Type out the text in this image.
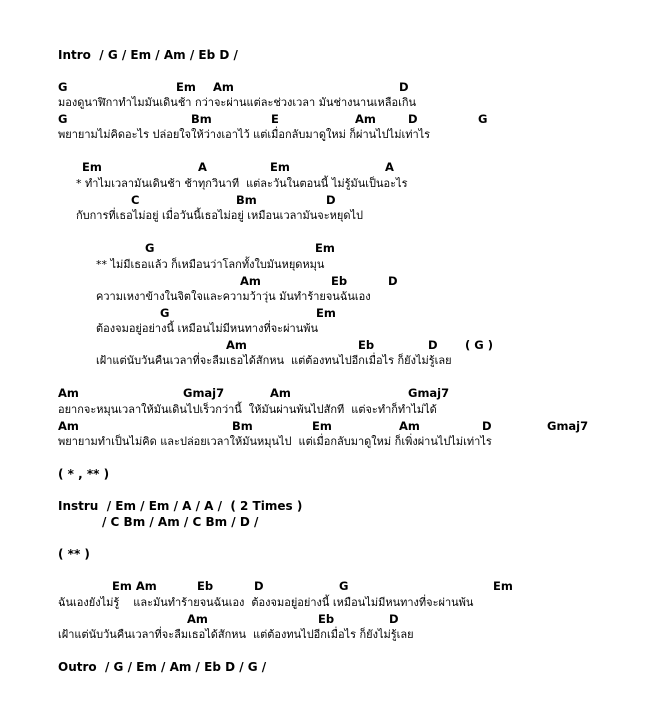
Intro  / G / Em / Am / Eb D /
G	Em Am	D
มองดูนาฬิกาทำไมมันเดินช้า กว่าจะผ่านแต่ละช่วงเวลา มันช่างนานเหลือเกิน
G	Bm	E	Am	D	G
พยายามไม่คิดอะไร ปล่อยใจให้ว่างเอาไว้ แต่เมื่อกลับมาดูใหม่ ก็ผ่านไปไม่เท่าไร
Em	A	Em	A
* ทำไมเวลามันเดินช้า ช้าทุกวินาที  แต่ละวันในตอนนี้ ไม่รู้มันเป็นอะไร
C	Bm	D
กับการที่เธอไม่อยู่ เมื่อวันนี้เธอไม่อยู่ เหมือนเวลามันจะหยุดไป
G	Em
** ไม่มีเธอแล้ว ก็เหมือนว่าโลกทั้งใบมันหยุดหมุน
Am	Eb	D
ความเหงาข้างในจิตใจและความว้าวุ่น มันทำร้ายจนฉันเอง
G	Em
ต้องจมอยู่อย่างนี้ เหมือนไม่มีหนทางที่จะผ่านพ้น
Am	Eb	D ( G )
เฝ้าแต่นับวันคืนเวลาที่จะลืมเธอได้สักหน  แต่ต้องทนไปอีกเมื่อไร ก็ยังไม่รู้เลย
Am	Gmaj7	Am	Gmaj7
อยากจะหมุนเวลาให้มันเดินไปเร็วกว่านี้  ให้มันผ่านพ้นไปสักที  แต่จะทำก็ทำไม่ได้
Am	Bm	Em	Am	D	Gmaj7
พยายามทำเป็นไม่คิด และปล่อยเวลาให้มันหมุนไป  แต่เมื่อกลับมาดูใหม่ ก็เพิ่งผ่านไปไม่เท่าไร
( * , ** )
Instru  / Em / Em / A / A /  ( 2 Times )
/ C Bm / Am / C Bm / D /
( ** )
Em Am	Eb	D	G	Em
ฉันเองยังไม่รู้    และมันทำร้ายจนฉันเอง  ต้องจมอยู่อย่างนี้ เหมือนไม่มีหนทางที่จะผ่านพ้น
Am	Eb	D
เฝ้าแต่นับวันคืนเวลาที่จะลืมเธอได้สักหน  แต่ต้องทนไปอีกเมื่อไร ก็ยังไม่รู้เลย
Outro  / G / Em / Am / Eb D / G /
